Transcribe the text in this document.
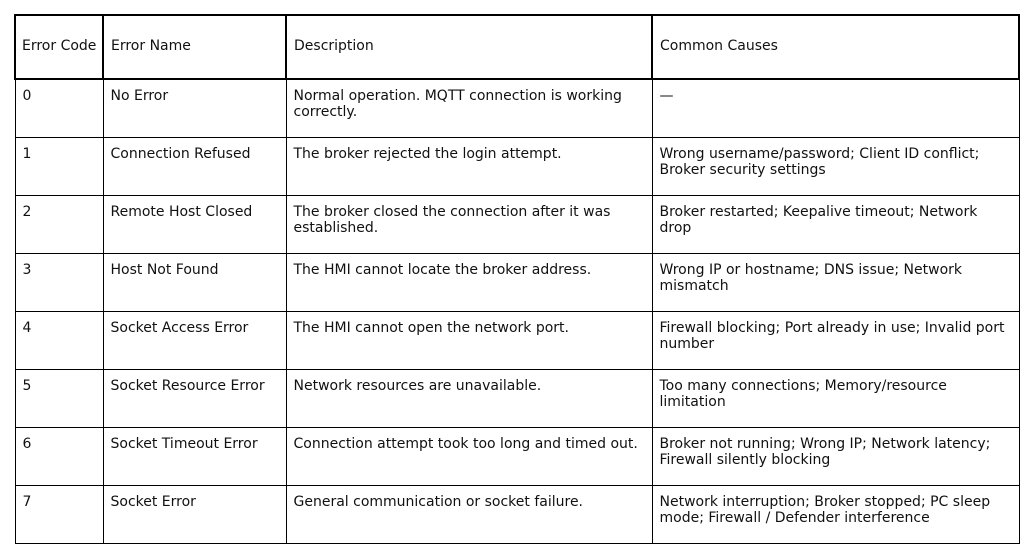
Error Code	Error Name	Description	Common Causes
0	No Error	Normal operation. MQTT connection is working correctly.	—
1	Connection Refused	The broker rejected the login attempt.	Wrong username/password; Client ID conflict; Broker security settings
2	Remote Host Closed	The broker closed the connection after it was established.	Broker restarted; Keepalive timeout; Network drop
3	Host Not Found	The HMI cannot locate the broker address.	Wrong IP or hostname; DNS issue; Network mismatch
4	Socket Access Error	The HMI cannot open the network port.	Firewall blocking; Port already in use; Invalid port number
5	Socket Resource Error	Network resources are unavailable.	Too many connections; Memory/resource limitation
6	Socket Timeout Error	Connection attempt took too long and timed out.	Broker not running; Wrong IP; Network latency; Firewall silently blocking
7	Socket Error	General communication or socket failure.	Network interruption; Broker stopped; PC sleep mode; Firewall / Defender interference
